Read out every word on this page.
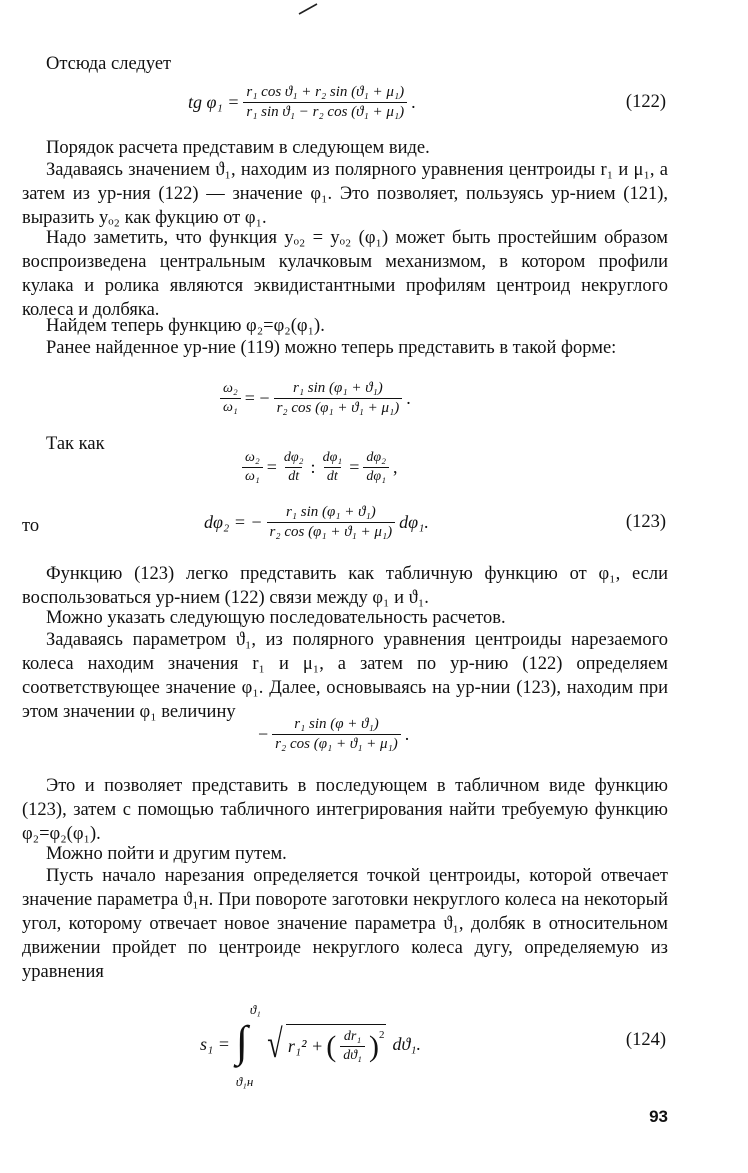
Отсюда следует
tg $\varphi_1 = \frac{\text{r₁ cos ϑ₁ + r₂ sin (ϑ₁ + μ₁)}}{\text{r₁ sin ϑ₁ − r₂ cos (ϑ₁ + μ₁)}}$ .	(122)
Порядок расчета представим в следующем виде.
Задаваясь значением ϑ₁, находим из полярного уравнения центроиды r₁ и μ₁, а затем из ур-ния (122) — значение φ₁. Это позволяет, пользуясь ур-нием (121), выразить yₒ₂ как фукцию от φ₁.
Надо заметить, что функция yₒ₂ = yₒ₂ (φ₁) может быть простейшим образом воспроизведена центральным кулачковым механизмом, в котором профили кулака и ролика являются эквидистантными профилям центроид некруглого колеса и долбяка.
Найдем теперь функцию φ₂=φ₂(φ₁).
Ранее найденное ур-ние (119) можно теперь представить в такой форме:
$\frac{\text{ω₂}}{\text{ω₁}}$ = − $\frac{\text{r₁ sin (φ₁ + ϑ₁)}}{\text{r₂ cos (φ₁ + ϑ₁ + μ₁)}}$ .
Так как
$\frac{\text{ω₂}}{\text{ω₁}} = \frac{\text{dφ₂}}{dt}$ : $\frac{\text{dφ₁}}{dt} = \frac{\text{dφ₂}}{\text{dφ₁}}$ ,
то	dφ₂ = − $\frac{\text{r₁ sin (φ₁ + ϑ₁)}}{\text{r₂ cos (φ₁ + ϑ₁ + μ₁)}} d\varphi_1$.	(123)
Функцию (123) легко представить как табличную функцию от φ₁, если воспользоваться ур-нием (122) связи между φ₁ и ϑ₁.
Можно указать следующую последовательность расчетов.
Задаваясь параметром ϑ₁, из полярного уравнения центроиды нарезаемого колеса находим значения r₁ и μ₁, а затем по ур-нию (122) определяем соответствующее значение φ₁. Далее, основываясь на ур-нии (123), находим при этом значении φ₁ величину
− $\frac{\text{r₁ sin (φ + ϑ₁)}}{\text{r₂ cos (φ₁ + ϑ₁ + μ₁)}}$ .
Это и позволяет представить в последующем в табличном виде функцию (123), затем с помощью табличного интегрирования найти требуемую функцию φ₂=φ₂(φ₁).
Можно пойти и другим путем.
Пусть начало нарезания определяется точкой центроиды, которой отвечает значение параметра ϑ₁н. При повороте заготовки некруглого колеса на некоторый угол, которому отвечает новое значение параметра ϑ₁, долбяк в относительном движении пройдет по центроиде некруглого колеса дугу, определяемую из уравнения
s₁ = ∫
ϑ₁
ϑ₁н
√ r₁² + ( $\frac{\text{dr₁}}{\text{dϑ₁}}$ ) 2 dϑ₁.	(124)
93
